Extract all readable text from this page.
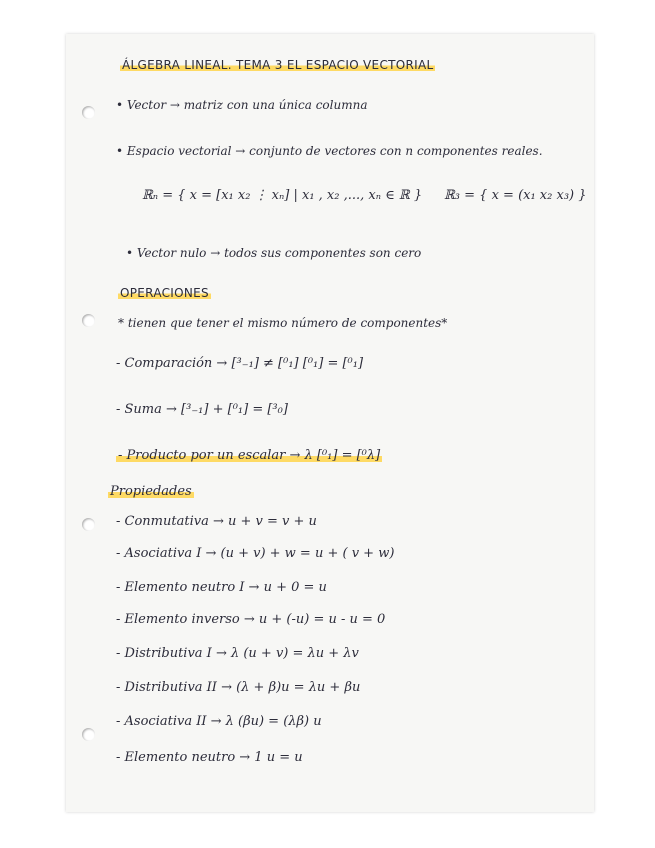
ÁLGEBRA LINEAL. TEMA 3 EL ESPACIO VECTORIAL
• Vector → matriz con una única columna
• Espacio vectorial → conjunto de vectores con n componentes reales.
ℝₙ = { x = [x₁ x₂ ⋮ xₙ] | x₁ , x₂ ,..., xₙ ∈ ℝ } ℝ₃ = { x = (x₁ x₂ x₃) }
• Vector nulo → todos sus componentes son cero
OPERACIONES
* tienen que tener el mismo número de componentes*
- Comparación → [³₋₁] ≠ [⁰₁] [⁰₁] = [⁰₁]
- Suma → [³₋₁] + [⁰₁] = [³₀]
- Producto por un escalar → λ [⁰₁] = [⁰λ]
Propiedades
- Conmutativa → u + v = v + u
- Asociativa I → (u + v) + w = u + ( v + w)
- Elemento neutro I → u + 0 = u
- Elemento inverso → u + (-u) = u - u = 0
- Distributiva I → λ (u + v) = λu + λv
- Distributiva II → (λ + β)u = λu + βu
- Asociativa II → λ (βu) = (λβ) u
- Elemento neutro → 1 u = u
